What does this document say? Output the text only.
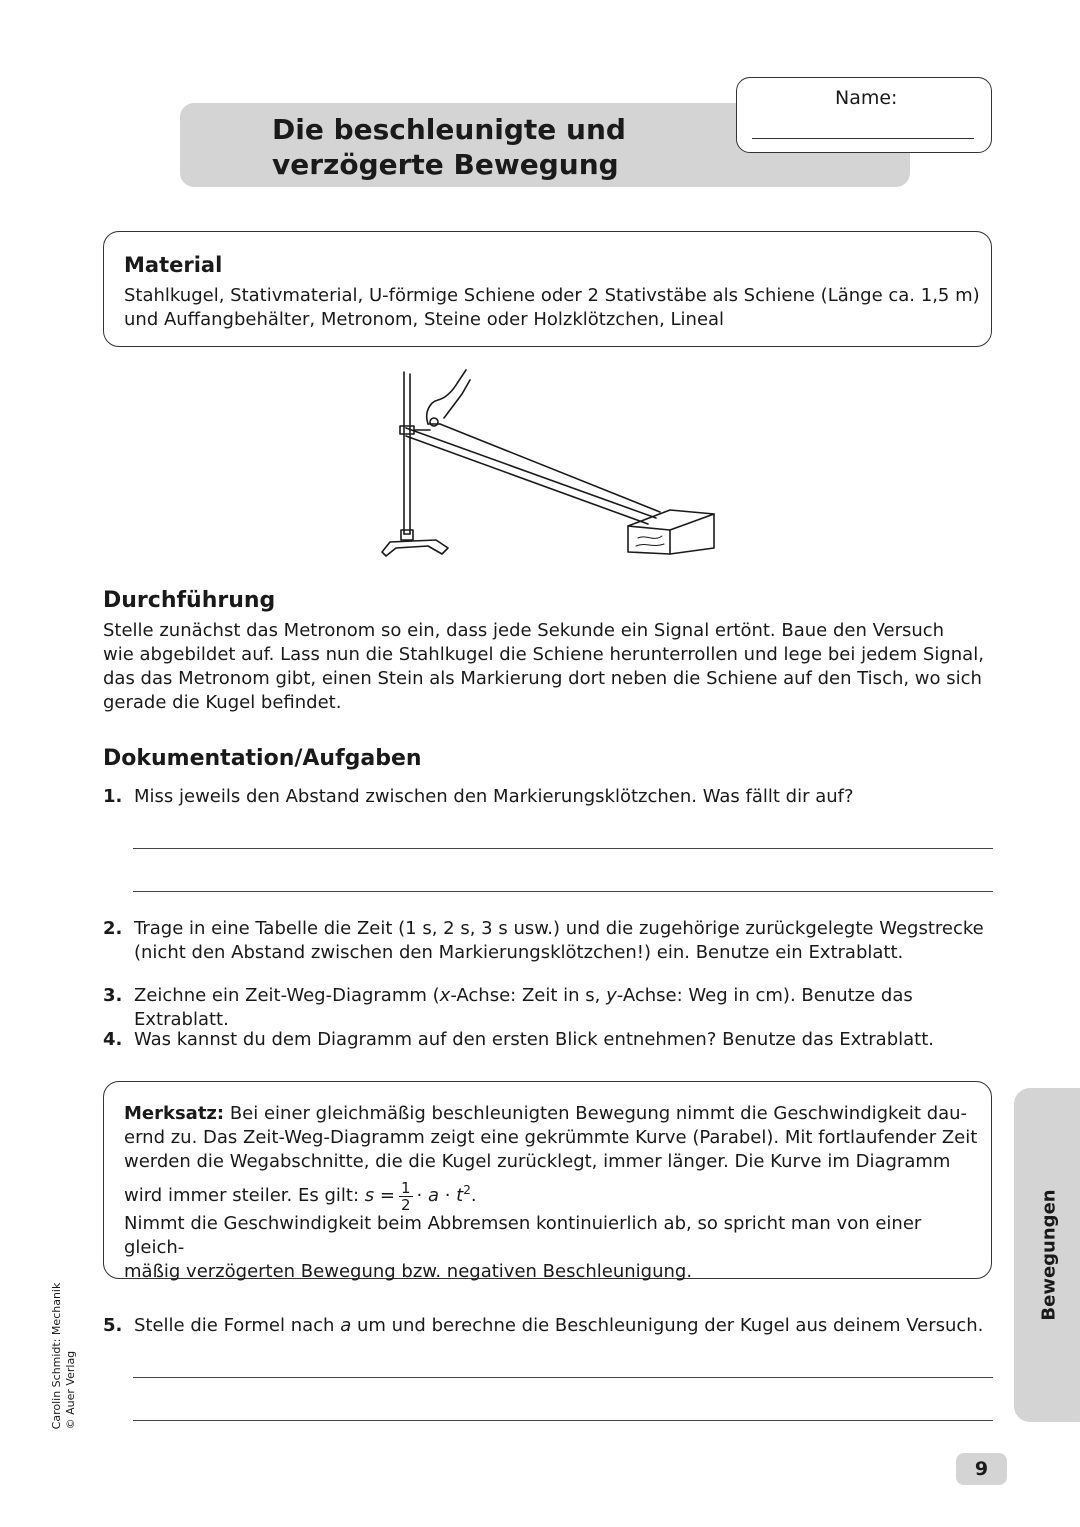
Die beschleunigte und
verzögerte Bewegung
Name:
Material
Stahlkugel, Stativmaterial, U-förmige Schiene oder 2 Stativstäbe als Schiene (Länge ca. 1,5 m)
und Auffangbehälter, Metronom, Steine oder Holzklötzchen, Lineal
Durchführung
Stelle zunächst das Metronom so ein, dass jede Sekunde ein Signal ertönt. Baue den Versuch
wie abgebildet auf. Lass nun die Stahlkugel die Schiene herunterrollen und lege bei jedem Signal,
das das Metronom gibt, einen Stein als Markierung dort neben die Schiene auf den Tisch, wo sich
gerade die Kugel befindet.
Dokumentation/Aufgaben
1. Miss jeweils den Abstand zwischen den Markierungsklötzchen. Was fällt dir auf?
2. Trage in eine Tabelle die Zeit (1 s, 2 s, 3 s usw.) und die zugehörige zurückgelegte Wegstrecke
(nicht den Abstand zwischen den Markierungsklötzchen!) ein. Benutze ein Extrablatt.
3. Zeichne ein Zeit-Weg-Diagramm (x-Achse: Zeit in s, y-Achse: Weg in cm). Benutze das Extrablatt.
4. Was kannst du dem Diagramm auf den ersten Blick entnehmen? Benutze das Extrablatt.
Merksatz: Bei einer gleichmäßig beschleunigten Bewegung nimmt die Geschwindigkeit dau-
ernd zu. Das Zeit-Weg-Diagramm zeigt eine gekrümmte Kurve (Parabel). Mit fortlaufender Zeit
werden die Wegabschnitte, die die Kugel zurücklegt, immer länger. Die Kurve im Diagramm
wird immer steiler. Es gilt: $s = \frac{1}{2} \cdot a \cdot t^2$.
Nimmt die Geschwindigkeit beim Abbremsen kontinuierlich ab, so spricht man von einer gleich-
mäßig verzögerten Bewegung bzw. negativen Beschleunigung.
5. Stelle die Formel nach a um und berechne die Beschleunigung der Kugel aus deinem Versuch.
Bewegungen
9
Carolin Schmidt: Mechanik © Auer Verlag
